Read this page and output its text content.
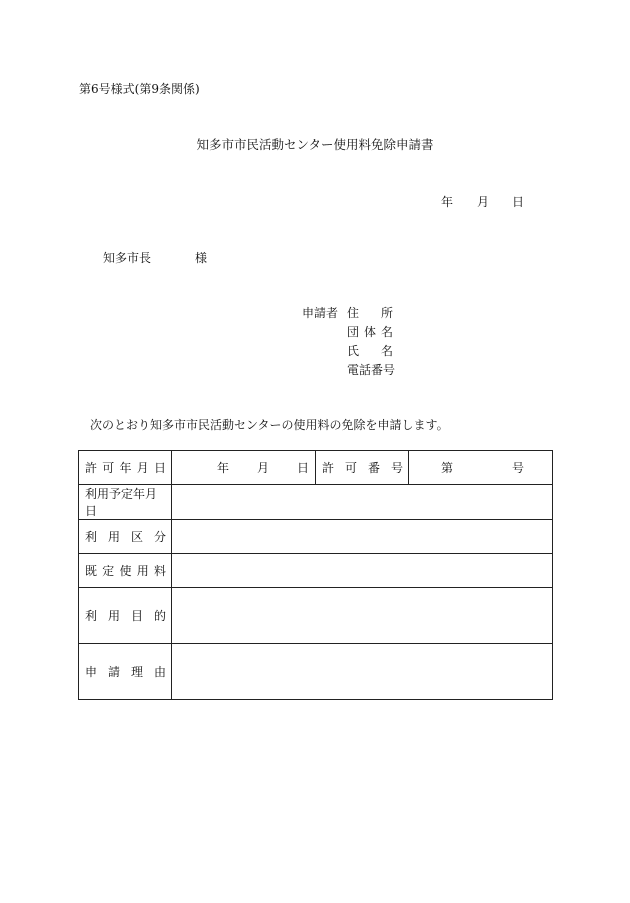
第6号様式(第9条関係)
知多市市民活動センター使用料免除申請書
年 月 日
知多市長	様
申請者 住 所
団 体 名
氏 名
電話番号
次のとおり知多市市民活動センターの使用料の免除を申請します。
許 可 年 月 日	年 月 日	許 可 番 号	第 号

利用予定年月日			

利 用 区 分			

既 定 使 用 料			

利 用 目 的			

申 請 理 由			
